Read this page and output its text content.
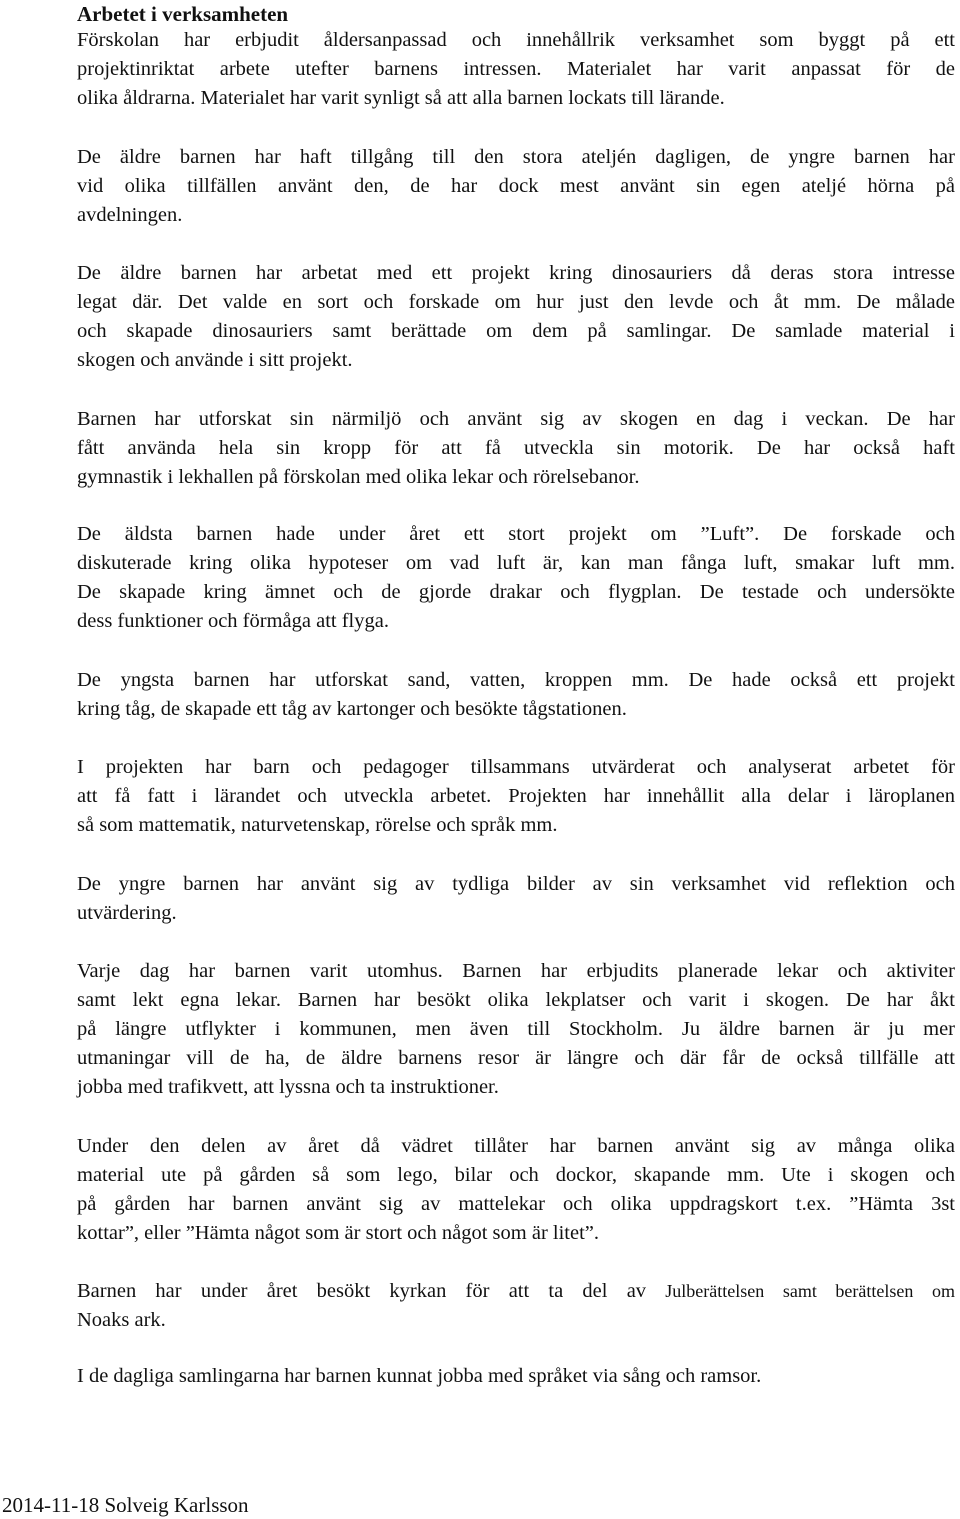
Arbetet i verksamheten
Förskolan har erbjudit åldersanpassad och innehållrik verksamhet som byggt på ett
projektinriktat arbete utefter barnens intressen. Materialet har varit anpassat för de
olika åldrarna. Materialet har varit synligt så att alla barnen lockats till lärande.
De äldre barnen har haft tillgång till den stora ateljén dagligen, de yngre barnen har
vid olika tillfällen använt den, de har dock mest använt sin egen ateljé hörna på
avdelningen.
De äldre barnen har arbetat med ett projekt kring dinosauriers då deras stora intresse
legat där. Det valde en sort och forskade om hur just den levde och åt mm. De målade
och skapade dinosauriers samt berättade om dem på samlingar. De samlade material i
skogen och använde i sitt projekt.
Barnen har utforskat sin närmiljö och använt sig av skogen en dag i veckan. De har
fått använda hela sin kropp för att få utveckla sin motorik. De har också haft
gymnastik i lekhallen på förskolan med olika lekar och rörelsebanor.
De äldsta barnen hade under året ett stort projekt om ”Luft”. De forskade och
diskuterade kring olika hypoteser om vad luft är, kan man fånga luft, smakar luft mm.
De skapade kring ämnet och de gjorde drakar och flygplan. De testade och undersökte
dess funktioner och förmåga att flyga.
De yngsta barnen har utforskat sand, vatten, kroppen mm. De hade också ett projekt
kring tåg, de skapade ett tåg av kartonger och besökte tågstationen.
I projekten har barn och pedagoger tillsammans utvärderat och analyserat arbetet för
att få fatt i lärandet och utveckla arbetet. Projekten har innehållit alla delar i läroplanen
så som mattematik, naturvetenskap, rörelse och språk mm.
De yngre barnen har använt sig av tydliga bilder av sin verksamhet vid reflektion och
utvärdering.
Varje dag har barnen varit utomhus. Barnen har erbjudits planerade lekar och aktiviter
samt lekt egna lekar. Barnen har besökt olika lekplatser och varit i skogen. De har åkt
på längre utflykter i kommunen, men även till Stockholm. Ju äldre barnen är ju mer
utmaningar vill de ha, de äldre barnens resor är längre och där får de också tillfälle att
jobba med trafikvett, att lyssna och ta instruktioner.
Under den delen av året då vädret tillåter har barnen använt sig av många olika
material ute på gården så som lego, bilar och dockor, skapande mm. Ute i skogen och
på gården har barnen använt sig av mattelekar och olika uppdragskort t.ex. ”Hämta 3st
kottar”, eller ”Hämta något som är stort och något som är litet”.
Barnen har under året besökt kyrkan för att ta del av Julberättelsen samt berättelsen om
Noaks ark.
I de dagliga samlingarna har barnen kunnat jobba med språket via sång och ramsor.
2014-11-18 Solveig Karlsson
